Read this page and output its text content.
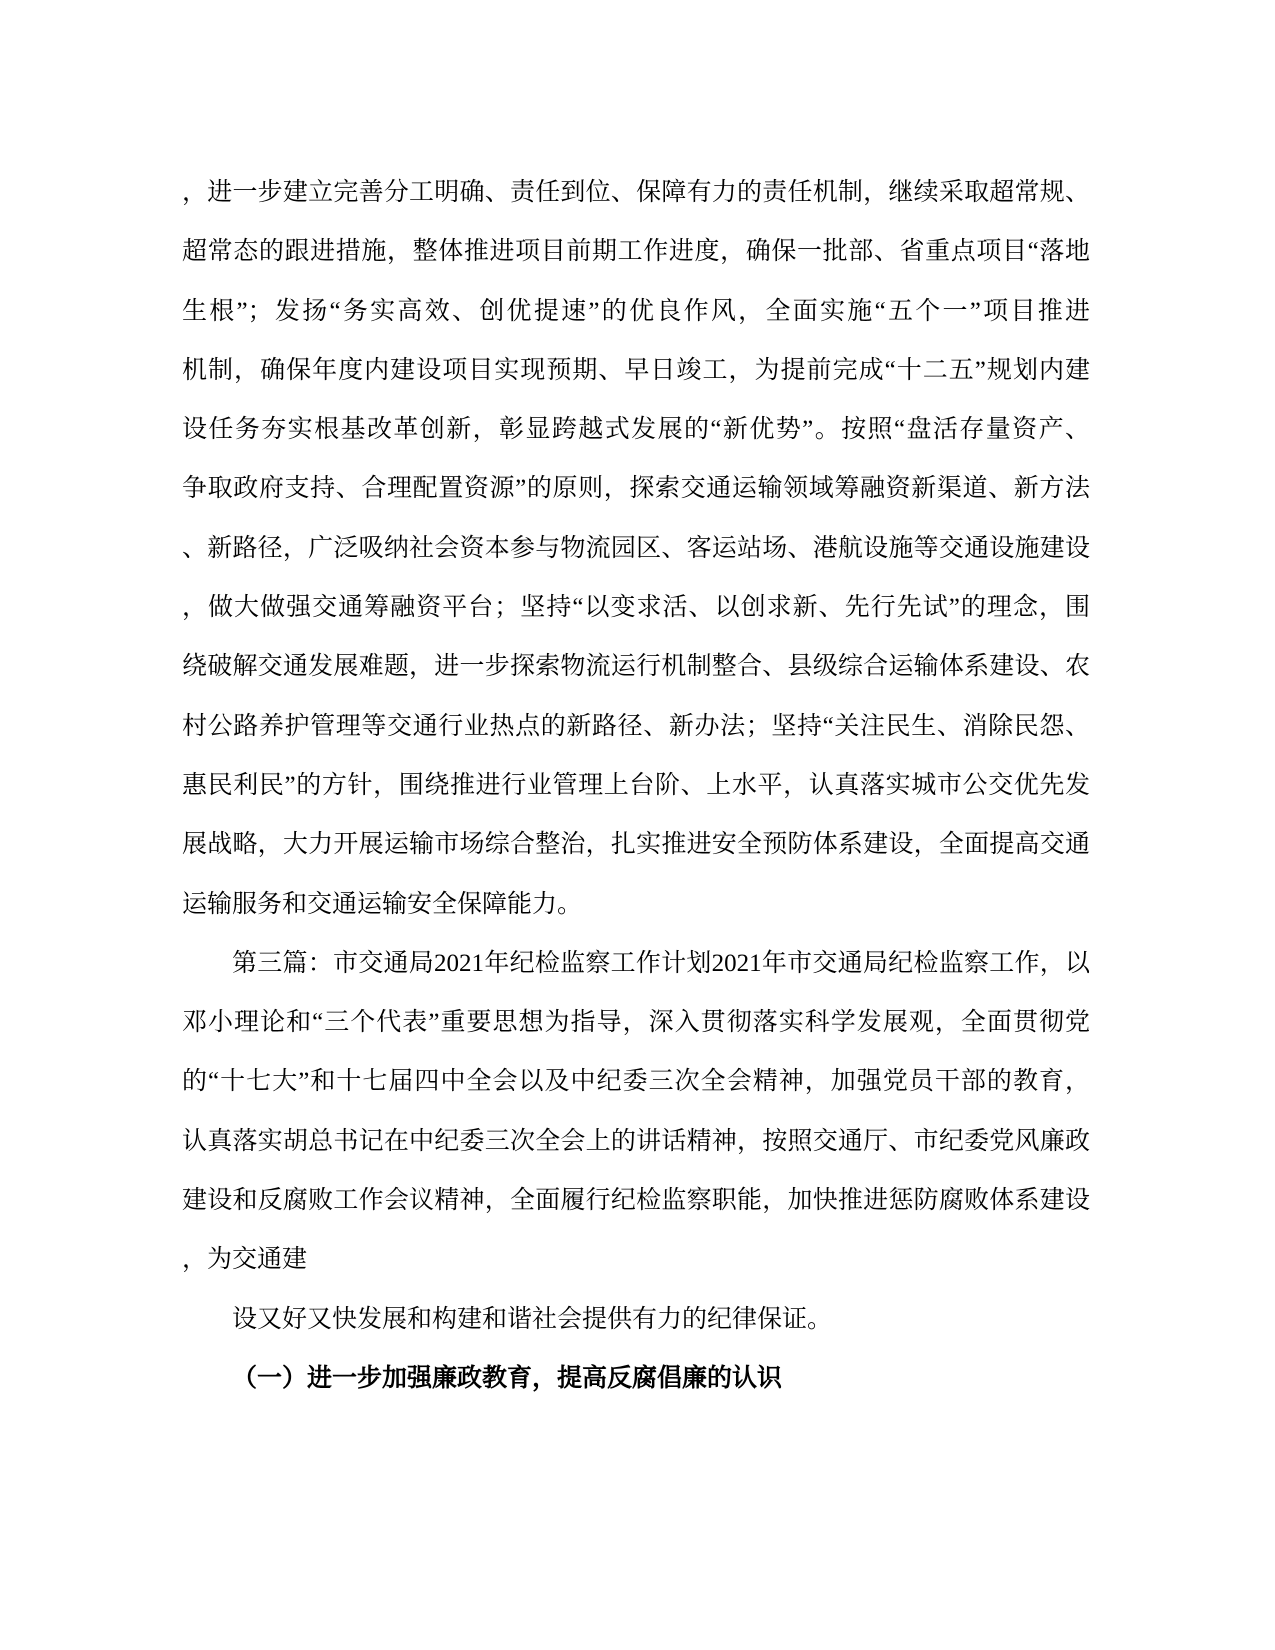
，进一步建立完善分工明确、责任到位、保障有力的责任机制，继续采取超常规、
超常态的跟进措施，整体推进项目前期工作进度，确保一批部、省重点项目“落地
生根”；发扬“务实高效、创优提速”的优良作风，全面实施“五个一”项目推进
机制，确保年度内建设项目实现预期、早日竣工，为提前完成“十二五”规划内建
设任务夯实根基改革创新，彰显跨越式发展的“新优势”。按照“盘活存量资产、
争取政府支持、合理配置资源”的原则，探索交通运输领域筹融资新渠道、新方法
、新路径，广泛吸纳社会资本参与物流园区、客运站场、港航设施等交通设施建设
，做大做强交通筹融资平台；坚持“以变求活、以创求新、先行先试”的理念，围
绕破解交通发展难题，进一步探索物流运行机制整合、县级综合运输体系建设、农
村公路养护管理等交通行业热点的新路径、新办法；坚持“关注民生、消除民怨、
惠民利民”的方针，围绕推进行业管理上台阶、上水平，认真落实城市公交优先发
展战略，大力开展运输市场综合整治，扎实推进安全预防体系建设，全面提高交通
运输服务和交通运输安全保障能力。
第三篇：市交通局2021年纪检监察工作计划2021年市交通局纪检监察工作，以
邓小理论和“三个代表”重要思想为指导，深入贯彻落实科学发展观，全面贯彻党
的“十七大”和十七届四中全会以及中纪委三次全会精神，加强党员干部的教育，
认真落实胡总书记在中纪委三次全会上的讲话精神，按照交通厅、市纪委党风廉政
建设和反腐败工作会议精神，全面履行纪检监察职能，加快推进惩防腐败体系建设
，为交通建
设又好又快发展和构建和谐社会提供有力的纪律保证。
（一）进一步加强廉政教育，提高反腐倡廉的认识
